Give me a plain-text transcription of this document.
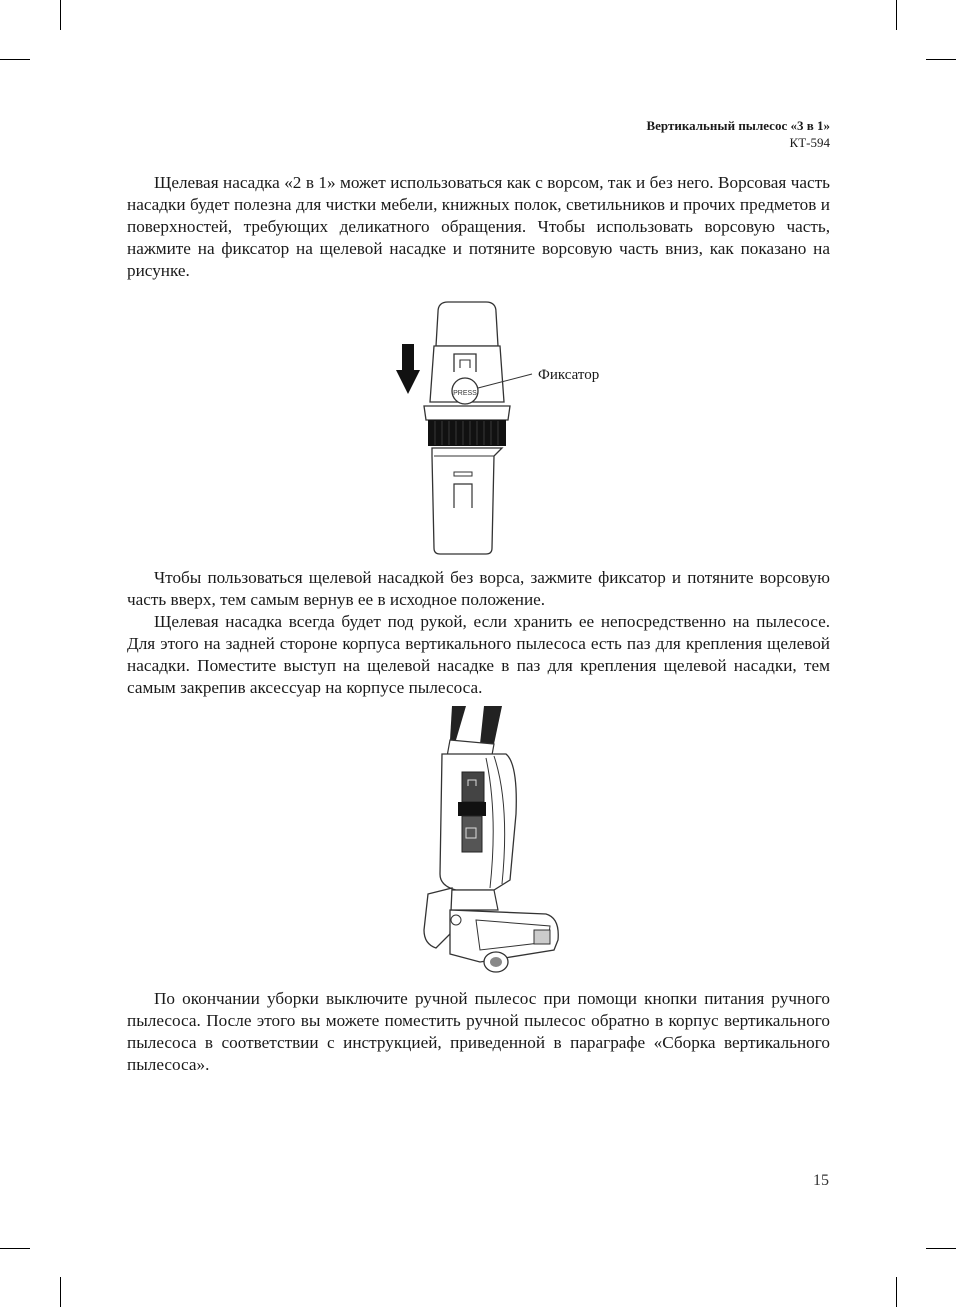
Вертикальный пылесос «3 в 1»
КТ-594

Щелевая насадка «2 в 1» может использоваться как с ворсом, так и без него. Ворсовая часть насадки будет полезна для чистки мебели, книжных полок, светильников и прочих предметов и поверхностей, требующих деликатного обращения. Чтобы использовать ворсовую часть, нажмите на фиксатор на щелевой насадке и потяните ворсовую часть вниз, как показано на рисунке.

PRESS
Фиксатор

Чтобы пользоваться щелевой насадкой без ворса, зажмите фиксатор и потяните ворсовую часть вверх, тем самым вернув ее в исходное положение.

Щелевая насадка всегда будет под рукой, если хранить ее непосредственно на пылесосе. Для этого на задней стороне корпуса вертикального пылесоса есть паз для крепления щелевой насадки. Поместите выступ на щелевой насадке в паз для крепления щелевой насадки, тем самым закрепив аксессуар на корпусе пылесоса.

По окончании уборки выключите ручной пылесос при помощи кнопки питания ручного пылесоса. После этого вы можете поместить ручной пылесос обратно в корпус вертикального пылесоса в соответствии с инструкцией, приведенной в параграфе «Сборка вертикального пылесоса».

15
